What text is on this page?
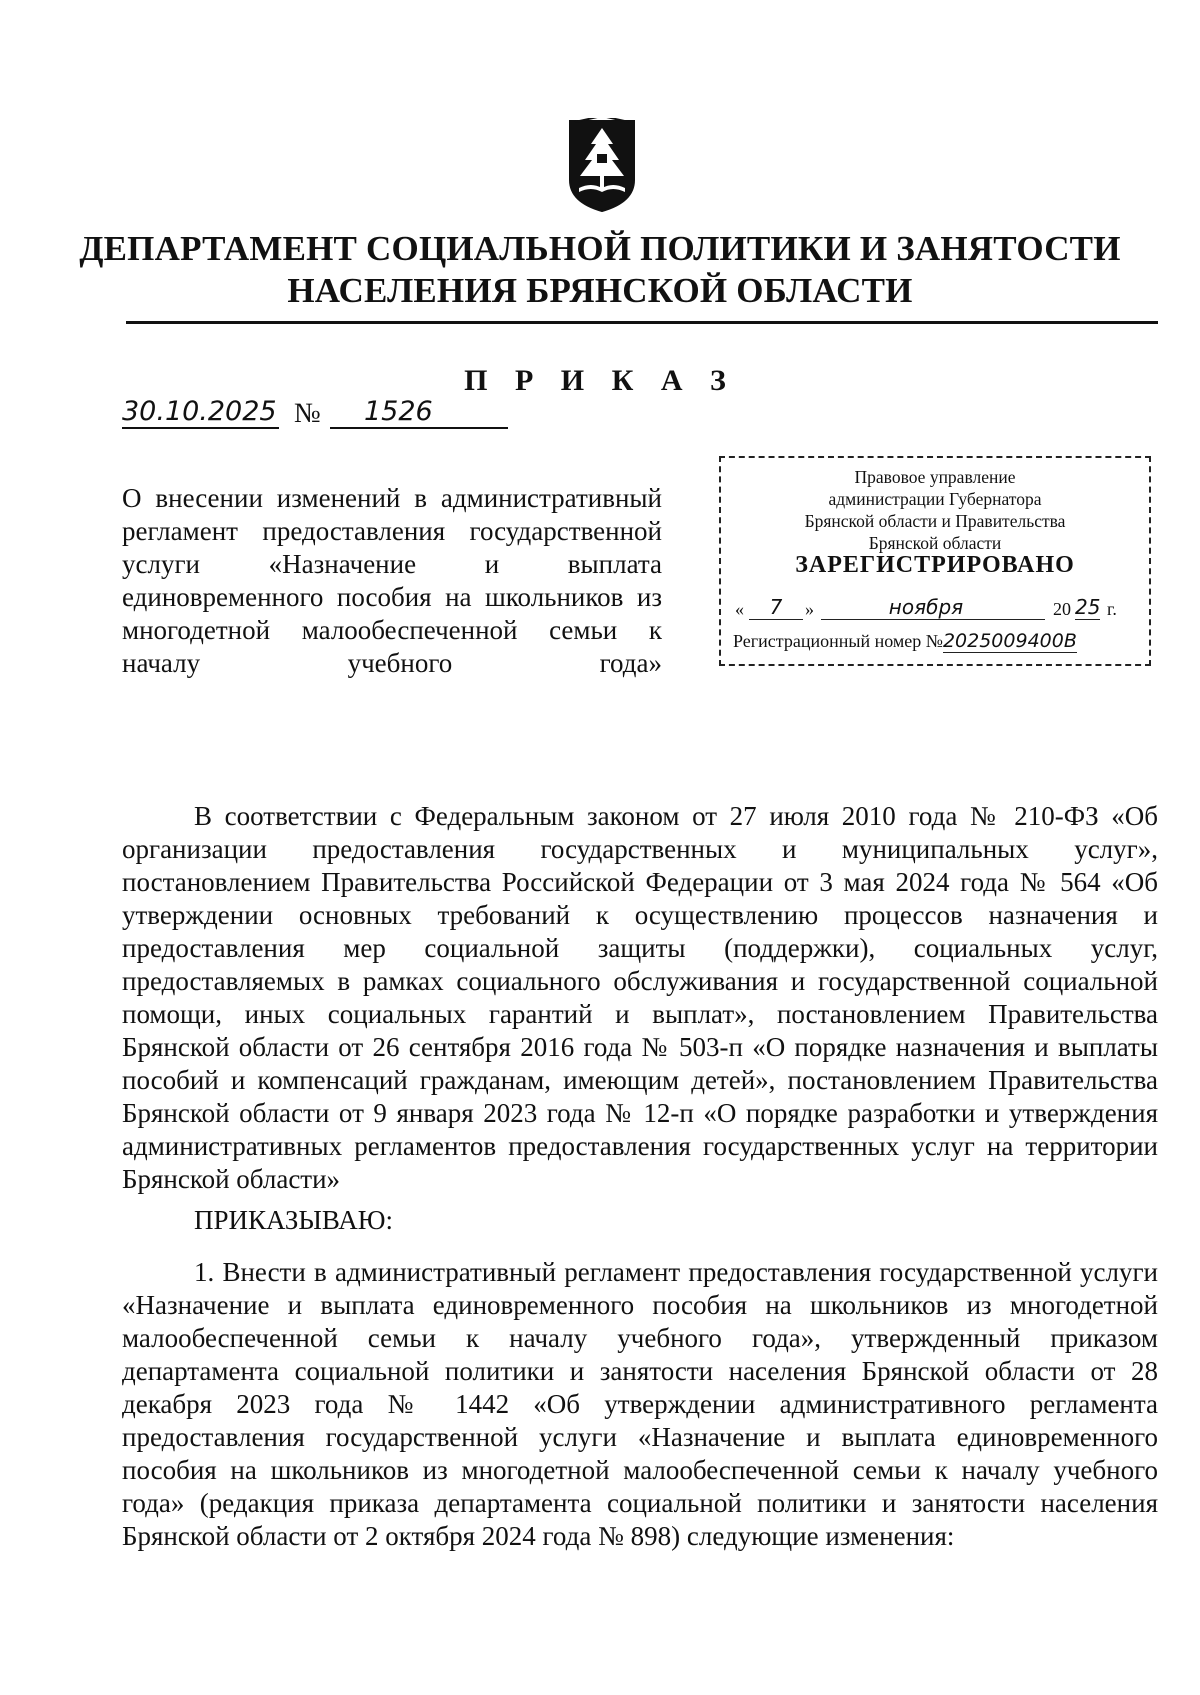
ДЕПАРТАМЕНТ СОЦИАЛЬНОЙ ПОЛИТИКИ И ЗАНЯТОСТИ
НАСЕЛЕНИЯ БРЯНСКОЙ ОБЛАСТИ
П Р И К А З
30.10.2025 №	1526
О внесении изменений в административный регламент предоставления государственной услуги «Назначение и выплата единовременного пособия на школьников из многодетной малообеспеченной семьи к началу учебного года»
Правовое управление
администрации Губернатора
Брянской области и Правительства
Брянской области
ЗАРЕГИСТРИРОВАНО
«	7	»	ноября	20 25 г.
Регистрационный номер №2025009400B

В соответствии с Федеральным законом от 27 июля 2010 года № 210-ФЗ «Об организации предоставления государственных и муниципальных услуг», постановлением Правительства Российской Федерации от 3 мая 2024 года № 564 «Об утверждении основных требований к осуществлению процессов назначения и предоставления мер социальной защиты (поддержки), социальных услуг, предоставляемых в рамках социального обслуживания и государственной социальной помощи, иных социальных гарантий и выплат», постановлением Правительства Брянской области от 26 сентября 2016 года № 503-п «О порядке назначения и выплаты пособий и компенсаций гражданам, имеющим детей», постановлением Правительства Брянской области от 9 января 2023 года № 12-п «О порядке разработки и утверждения административных регламентов предоставления государственных услуг на территории Брянской области»

ПРИКАЗЫВАЮ:

1. Внести в административный регламент предоставления государственной услуги «Назначение и выплата единовременного пособия на школьников из многодетной малообеспеченной семьи к началу учебного года», утвержденный приказом департамента социальной политики и занятости населения Брянской области от 28 декабря 2023 года № 1442 «Об утверждении административного регламента предоставления государственной услуги «Назначение и выплата единовременного пособия на школьников из многодетной малообеспеченной семьи к началу учебного года» (редакция приказа департамента социальной политики и занятости населения Брянской области от 2 октября 2024 года № 898) следующие изменения:
